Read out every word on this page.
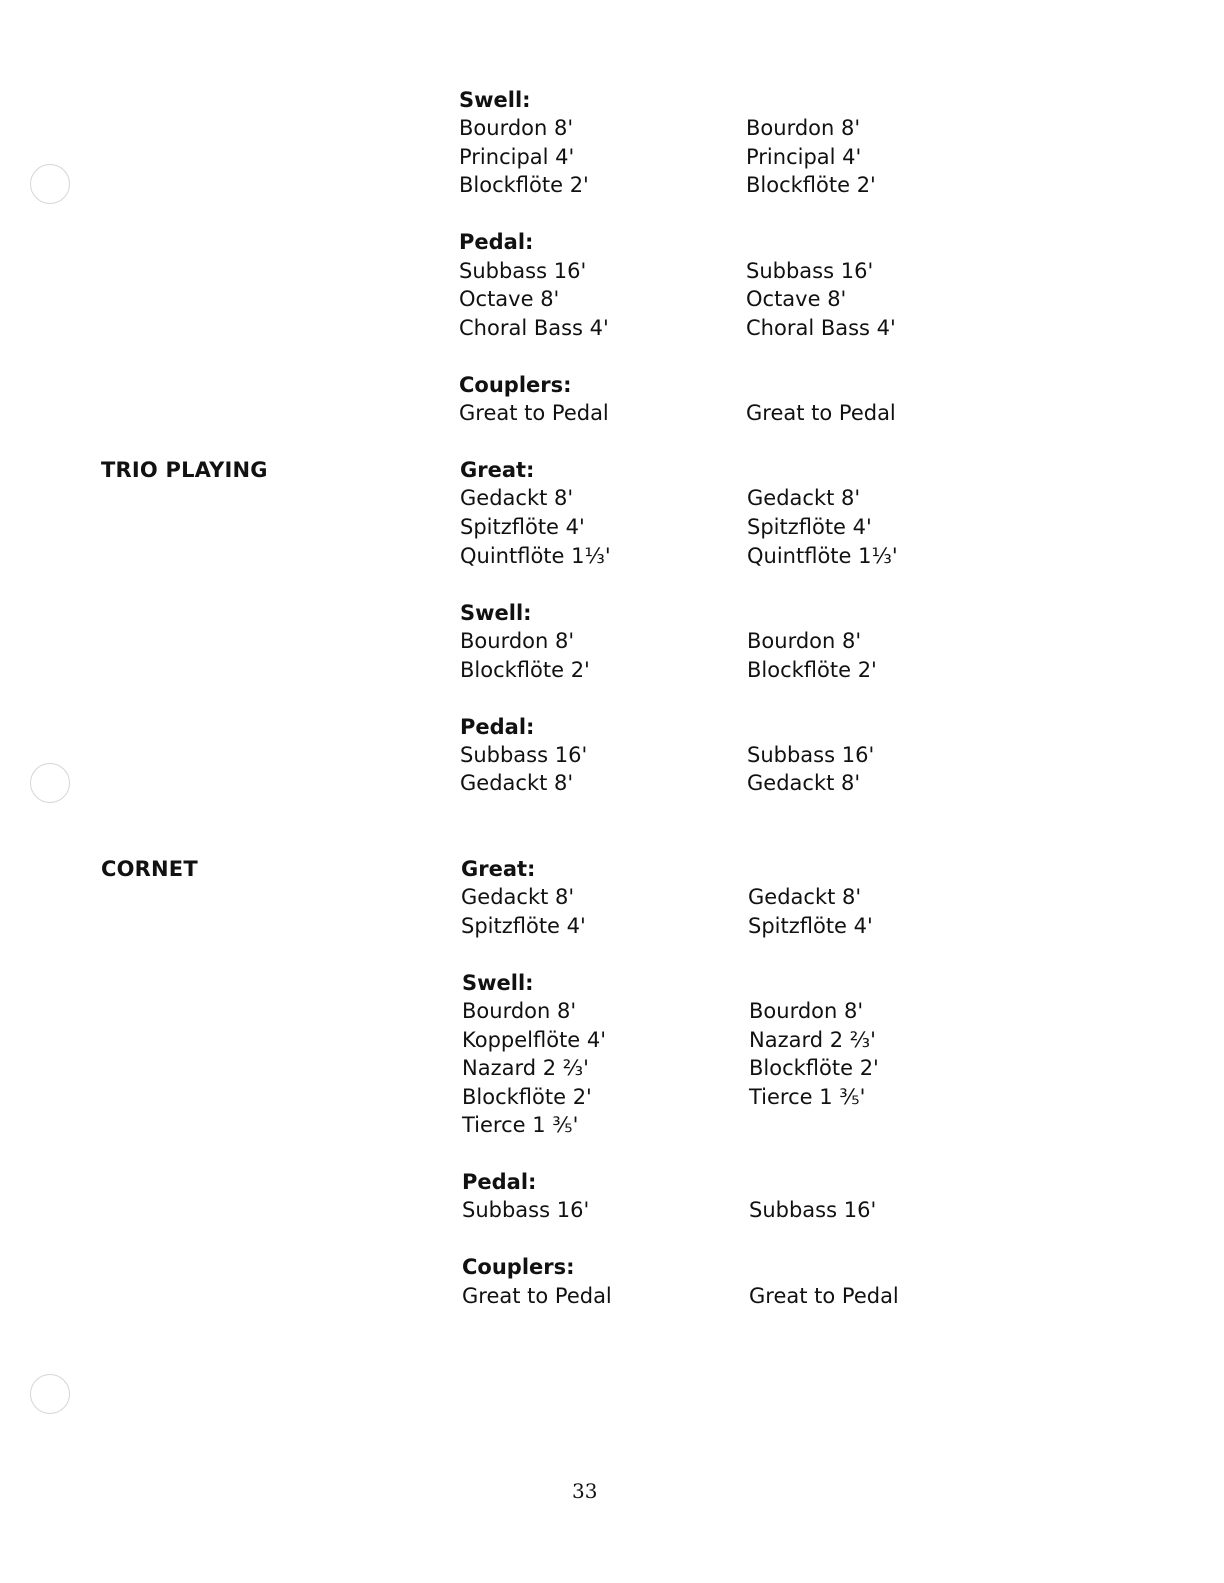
Swell:
Bourdon 8'	Bourdon 8'
Principal 4'	Principal 4'
Blockflöte 2'	Blockflöte 2'
Pedal:
Subbass 16'	Subbass 16'
Octave 8'	Octave 8'
Choral Bass 4'	Choral Bass 4'
Couplers:
Great to Pedal	Great to Pedal
TRIO PLAYING	Great:
Gedackt 8'	Gedackt 8'
Spitzflöte 4'	Spitzflöte 4'
Quintflöte 1⅓'	Quintflöte 1⅓'
Swell:
Bourdon 8'	Bourdon 8'
Blockflöte 2'	Blockflöte 2'
Pedal:
Subbass 16'	Subbass 16'
Gedackt 8'	Gedackt 8'
CORNET	Great:
Gedackt 8'	Gedackt 8'
Spitzflöte 4'	Spitzflöte 4'
Swell:
Bourdon 8'	Bourdon 8'
Koppelflöte 4'	Nazard 2 ⅔'
Nazard 2 ⅔'	Blockflöte 2'
Blockflöte 2'	Tierce 1 ⅗'
Tierce 1 ⅗'
Pedal:
Subbass 16'	Subbass 16'
Couplers:
Great to Pedal	Great to Pedal
33
